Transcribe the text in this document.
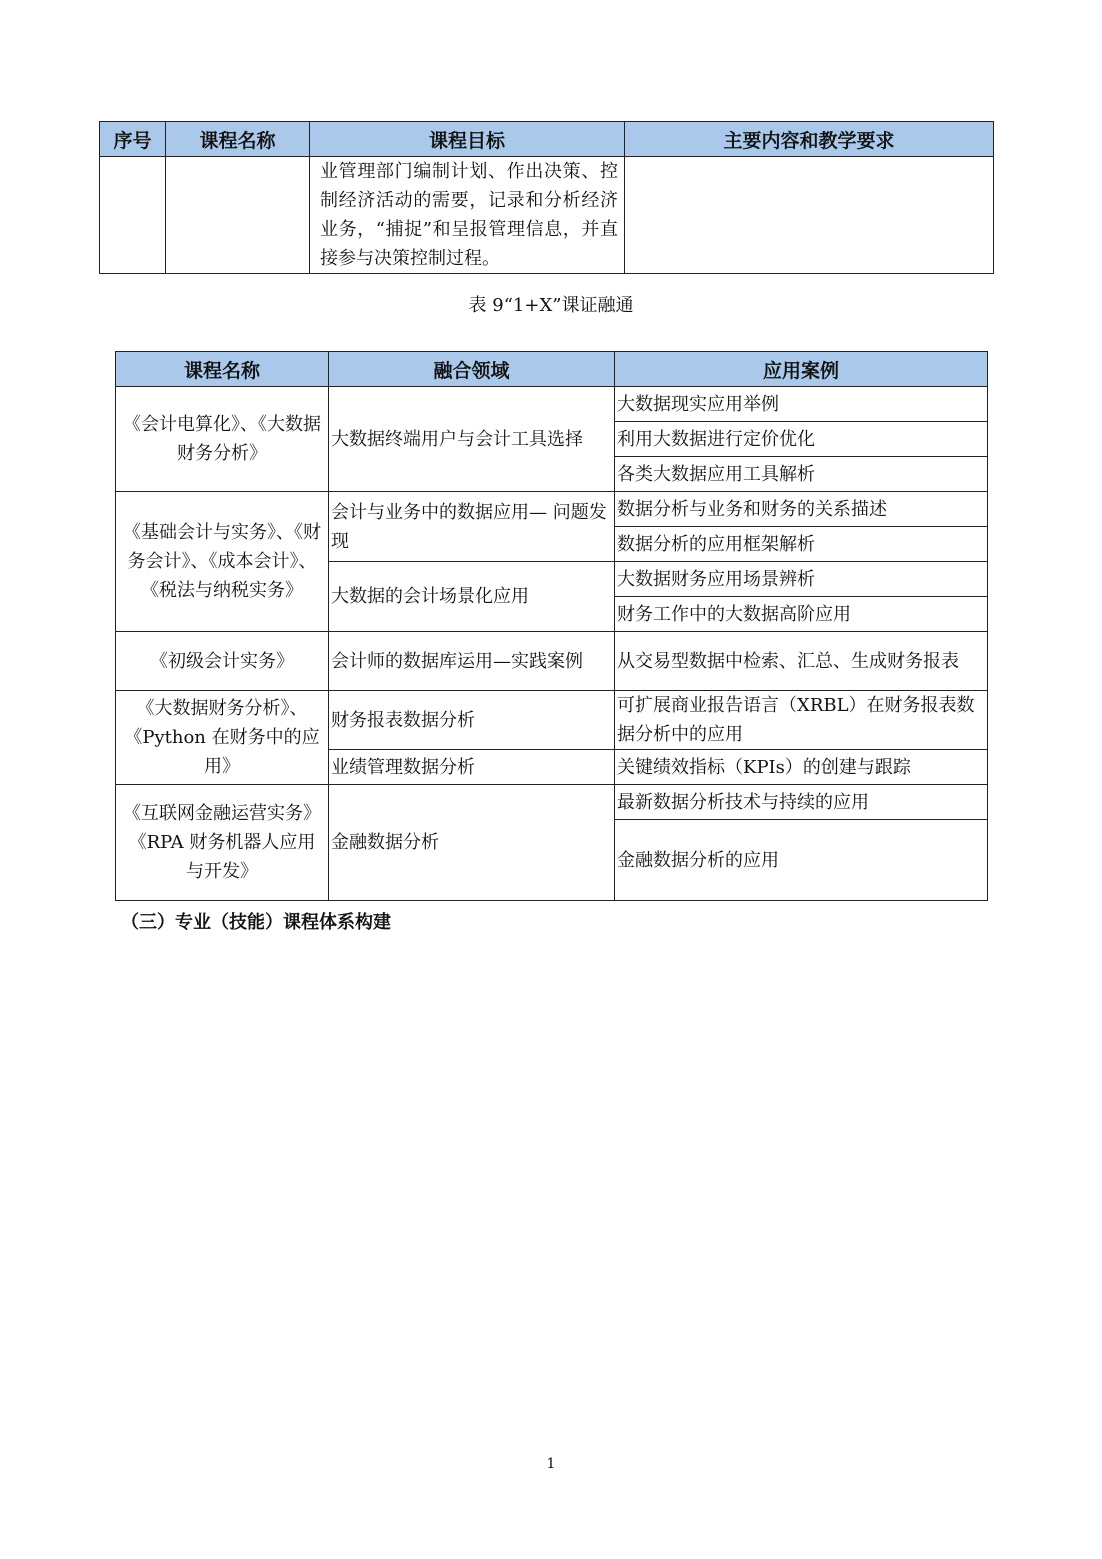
序号	课程名称	课程目标	主要内容和教学要求
		业管理部门编制计划、作出决策、控制经济活动的需要，记录和分析经济业务，“捕捉”和呈报管理信息，并直接参与决策控制过程。	
表 9“1+X”课证融通
课程名称	融合领域	应用案例
《会计电算化》、《大数据财务分析》	大数据终端用户与会计工具选择	大数据现实应用举例
		利用大数据进行定价优化
		各类大数据应用工具解析
《基础会计与实务》、《财务会计》、《成本会计》、《税法与纳税实务》	会计与业务中的数据应用— 问题发现	数据分析与业务和财务的关系描述
		数据分析的应用框架解析
	大数据的会计场景化应用	大数据财务应用场景辨析
		财务工作中的大数据高阶应用
《初级会计实务》	会计师的数据库运用—实践案例	从交易型数据中检索、汇总、生成财务报表
《大数据财务分析》、《Python 在财务中的应用》	财务报表数据分析	可扩展商业报告语言（XRBL）在财务报表数据分析中的应用
	业绩管理数据分析	关键绩效指标（KPIs）的创建与跟踪
《互联网金融运营实务》《RPA 财务机器人应用与开发》	金融数据分析	最新数据分析技术与持续的应用
		金融数据分析的应用
（三）专业（技能）课程体系构建
1
